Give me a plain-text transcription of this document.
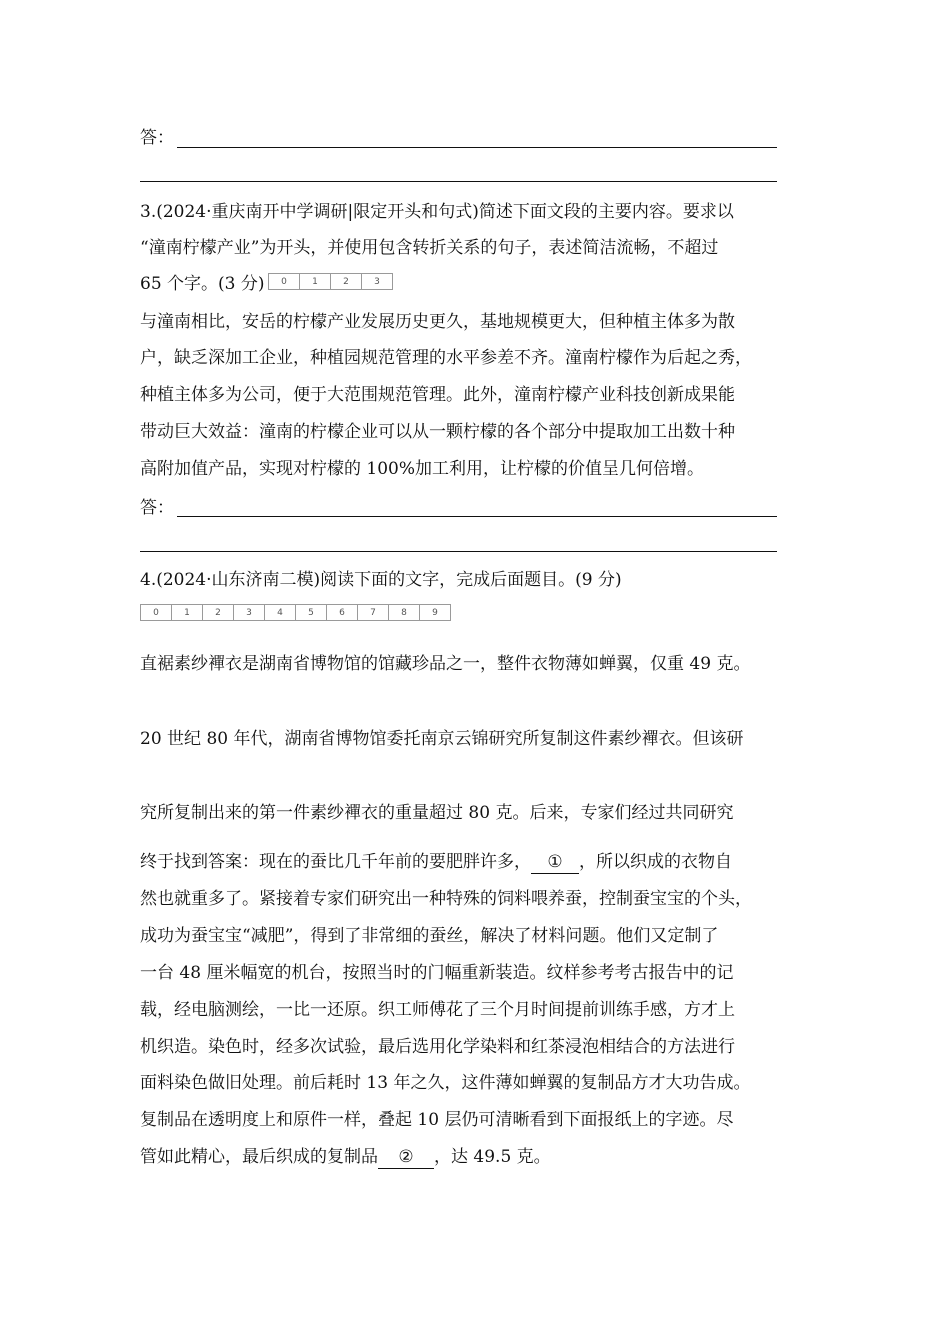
答：
3.(2024·重庆南开中学调研|限定开头和句式)简述下面文段的主要内容。要求以
“潼南柠檬产业”为开头，并使用包含转折关系的句子，表述简洁流畅，不超过
65 个字。(3 分)	0	1	2	3
与潼南相比，安岳的柠檬产业发展历史更久，基地规模更大，但种植主体多为散
户，缺乏深加工企业，种植园规范管理的水平参差不齐。潼南柠檬作为后起之秀，
种植主体多为公司，便于大范围规范管理。此外，潼南柠檬产业科技创新成果能
带动巨大效益：潼南的柠檬企业可以从一颗柠檬的各个部分中提取加工出数十种
高附加值产品，实现对柠檬的 100%加工利用，让柠檬的价值呈几何倍增。
答：
4.(2024·山东济南二模)阅读下面的文字，完成后面题目。(9 分)
0	1	2	3	4	5	6	7	8	9
直裾素纱襌衣是湖南省博物馆的馆藏珍品之一，整件衣物薄如蝉翼，仅重 49 克。
20 世纪 80 年代，湖南省博物馆委托南京云锦研究所复制这件素纱襌衣。但该研
究所复制出来的第一件素纱襌衣的重量超过 80 克。后来，专家们经过共同研究
终于找到答案：现在的蚕比几千年前的要肥胖许多， ① ，所以织成的衣物自
然也就重多了。紧接着专家们研究出一种特殊的饲料喂养蚕，控制蚕宝宝的个头，
成功为蚕宝宝“减肥”，得到了非常细的蚕丝，解决了材料问题。他们又定制了
一台 48 厘米幅宽的机台，按照当时的门幅重新装造。纹样参考考古报告中的记
载，经电脑测绘，一比一还原。织工师傅花了三个月时间提前训练手感，方才上
机织造。染色时，经多次试验，最后选用化学染料和红茶浸泡相结合的方法进行
面料染色做旧处理。前后耗时 13 年之久，这件薄如蝉翼的复制品方才大功告成。
复制品在透明度上和原件一样，叠起 10 层仍可清晰看到下面报纸上的字迹。尽
管如此精心，最后织成的复制品 ② ，达 49.5 克。
